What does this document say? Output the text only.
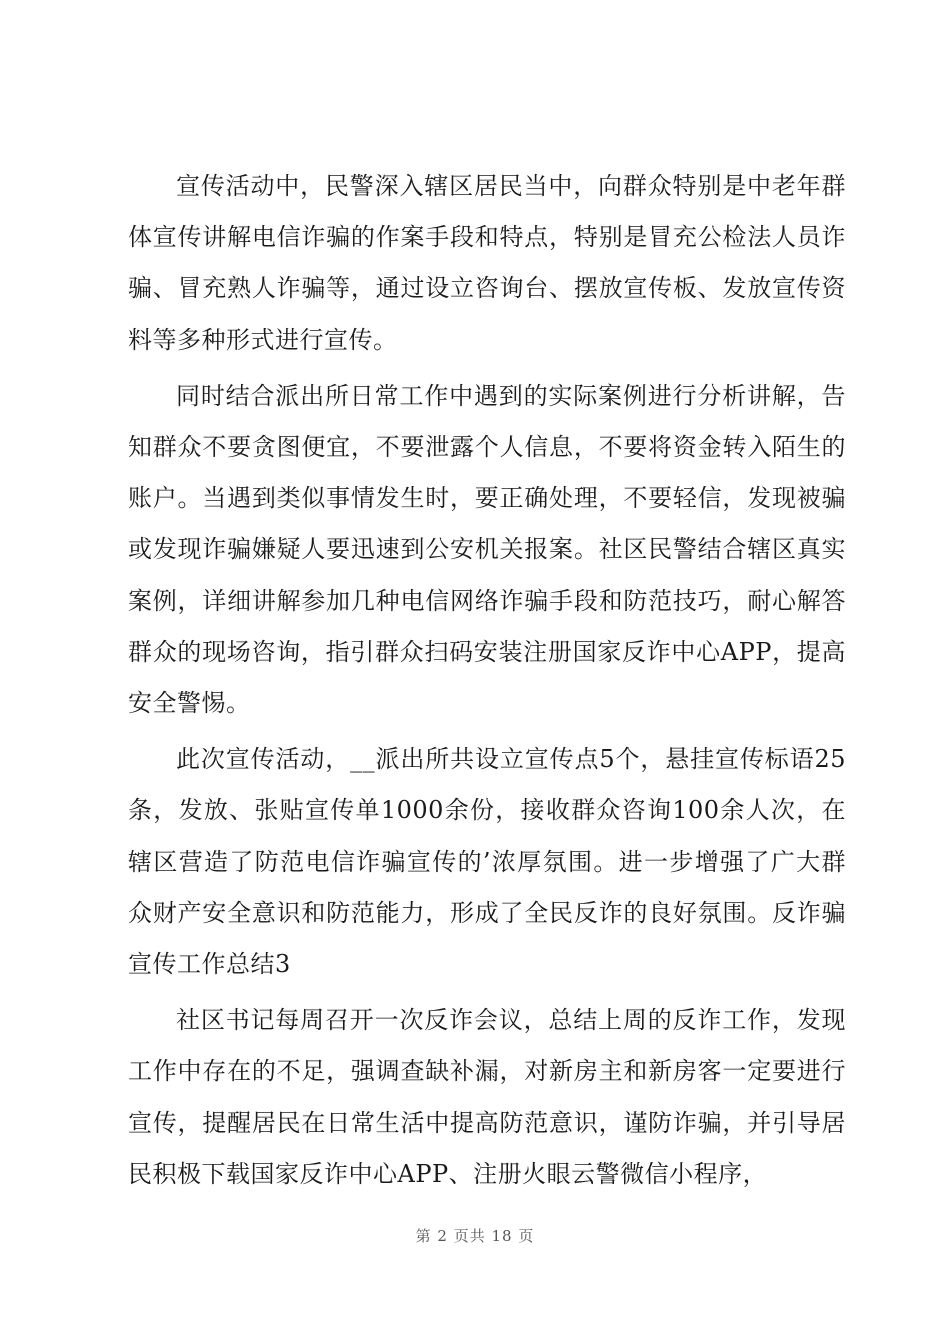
宣传活动中，民警深入辖区居民当中，向群众特别是中老年群体宣传讲解电信诈骗的作案手段和特点，特别是冒充公检法人员诈骗、冒充熟人诈骗等，通过设立咨询台、摆放宣传板、发放宣传资料等多种形式进行宣传。

同时结合派出所日常工作中遇到的实际案例进行分析讲解，告知群众不要贪图便宜，不要泄露个人信息，不要将资金转入陌生的账户。当遇到类似事情发生时，要正确处理，不要轻信，发现被骗或发现诈骗嫌疑人要迅速到公安机关报案。社区民警结合辖区真实案例，详细讲解参加几种电信网络诈骗手段和防范技巧，耐心解答群众的现场咨询，指引群众扫码安装注册国家反诈中心APP，提高安全警惕。

此次宣传活动，__派出所共设立宣传点5个，悬挂宣传标语25条，发放、张贴宣传单1000余份，接收群众咨询100余人次，在辖区营造了防范电信诈骗宣传的’浓厚氛围。进一步增强了广大群众财产安全意识和防范能力，形成了全民反诈的良好氛围。反诈骗宣传工作总结3

社区书记每周召开一次反诈会议，总结上周的反诈工作，发现工作中存在的不足，强调查缺补漏，对新房主和新房客一定要进行宣传，提醒居民在日常生活中提高防范意识，谨防诈骗，并引导居民积极下载国家反诈中心APP、注册火眼云警微信小程序，

第 2 页共 18 页
